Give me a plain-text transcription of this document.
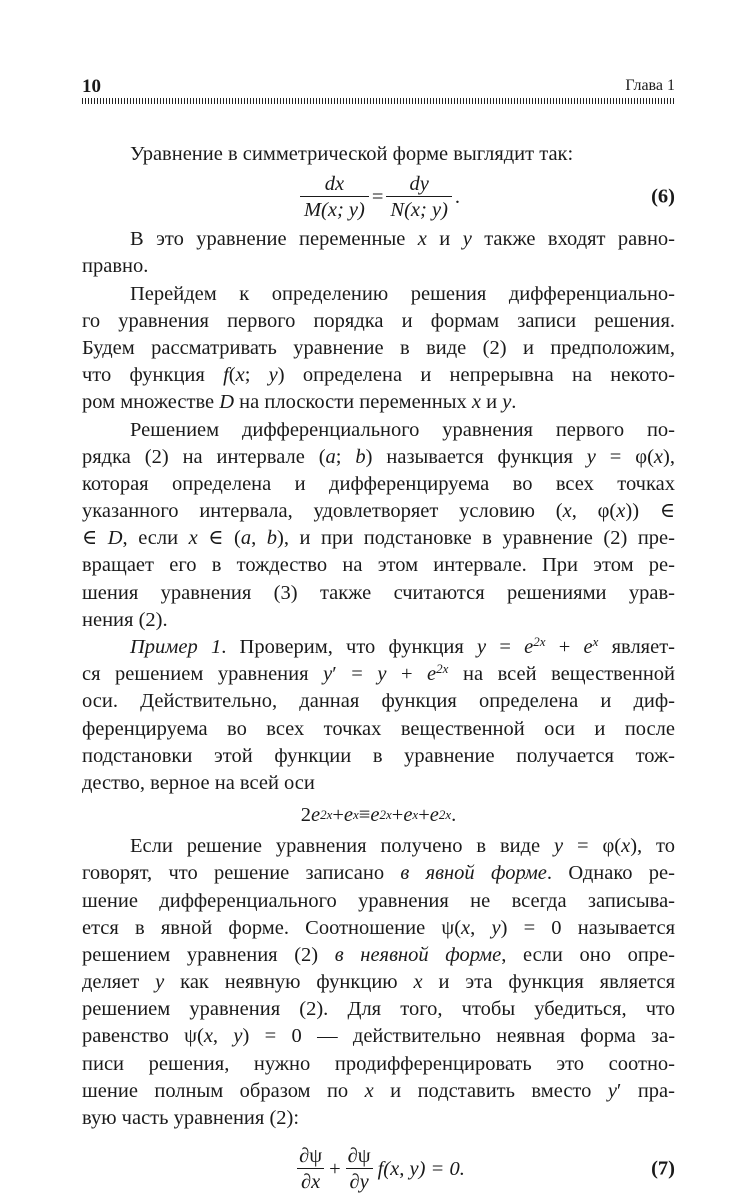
10	Глава 1
Уравнение в симметрической форме выглядит так:
$\frac{dx}{M(x; y)} = \frac{dy}{N(x; y)}$ .	(6)
В это уравнение переменные x и y также входят равно-
правно.
Перейдем к определению решения дифференциально-
го уравнения первого порядка и формам записи решения.
Будем рассматривать уравнение в виде (2) и предположим,
что функция f(x; y) определена и непрерывна на некото-
ром множестве D на плоскости переменных x и y.
Решением дифференциального уравнения первого по-
рядка (2) на интервале (a; b) называется функция y = φ(x),
которая определена и дифференцируема во всех точках
указанного интервала, удовлетворяет условию (x, φ(x)) ∈
∈ D, если x ∈ (a, b), и при подстановке в уравнение (2) пре-
вращает его в тождество на этом интервале. При этом ре-
шения уравнения (3) также считаются решениями урав-
нения (2).
Пример 1. Проверим, что функция $y = e^{2x} + e^x$ являет-
ся решением уравнения $y' = y + e^{2x}$ на всей вещественной
оси. Действительно, данная функция определена и диф-
ференцируема во всех точках вещественной оси и после
подстановки этой функции в уравнение получается тож-
дество, верное на всей оси
2 e 2x + e x ≡ e 2x + e x + e 2x .
Если решение уравнения получено в виде y = φ(x), то
говорят, что решение записано в явной форме. Однако ре-
шение дифференциального уравнения не всегда записыва-
ется в явной форме. Соотношение ψ(x, y) = 0 называется
решением уравнения (2) в неявной форме, если оно опре-
деляет y как неявную функцию x и эта функция является
решением уравнения (2). Для того, чтобы убедиться, что
равенство ψ(x, y) = 0 — действительно неявная форма за-
писи решения, нужно продифференцировать это соотно-
шение полным образом по x и подставить вместо y′ пра-
вую часть уравнения (2):
$\frac{\partial\psi}{\partial x} + \frac{\partial\psi}{\partial y} f(x$, y) = 0.	(7)
